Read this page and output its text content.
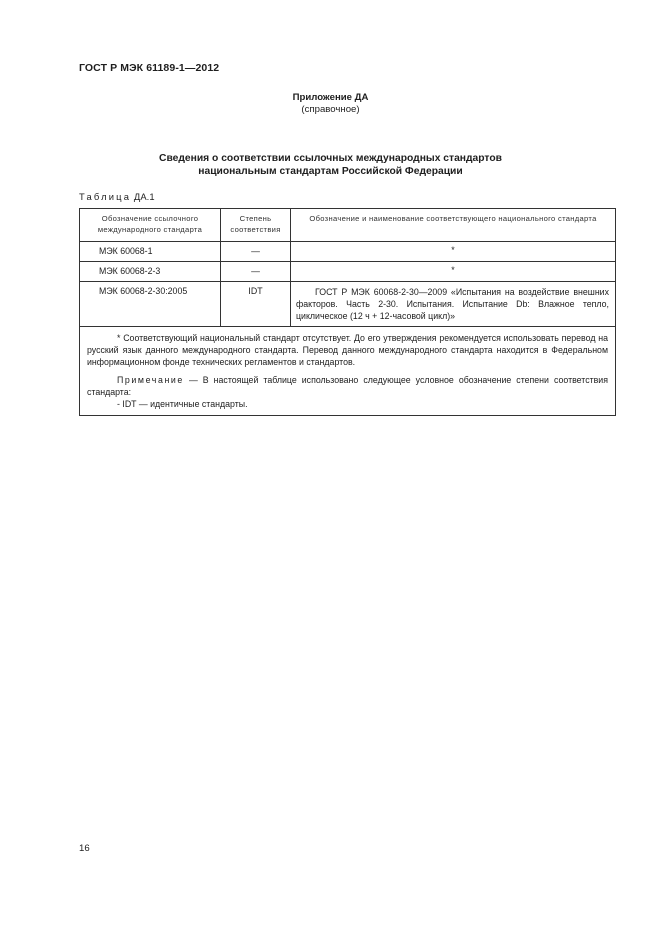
ГОСТ Р МЭК 61189-1—2012
Приложение ДА
(справочное)
Сведения о соответствии ссылочных международных стандартов
национальным стандартам Российской Федерации
Таблица ДА.1
Обозначение ссылочного международного стандарта	Степень соответствия	Обозначение и наименование соответствующего национального стандарта
МЭК 60068-1	—	*
МЭК 60068-2-3	—	*
МЭК 60068-2-30:2005	IDT	ГОСТ Р МЭК 60068-2-30—2009 «Испытания на воздействие внешних факторов. Часть 2-30. Испытания. Испытание Db: Влажное тепло, циклическое (12 ч + 12-часовой цикл)»

* Соответствующий национальный стандарт отсутствует. До его утверждения рекомендуется использовать перевод на русский язык данного международного стандарта. Перевод данного международного стандарта находится в Федеральном информационном фонде технических регламентов и стандартов.

Примечание — В настоящей таблице использовано следующее условное обозначение степени соответствия стандарта:

- IDT — идентичные стандарты.		

16
